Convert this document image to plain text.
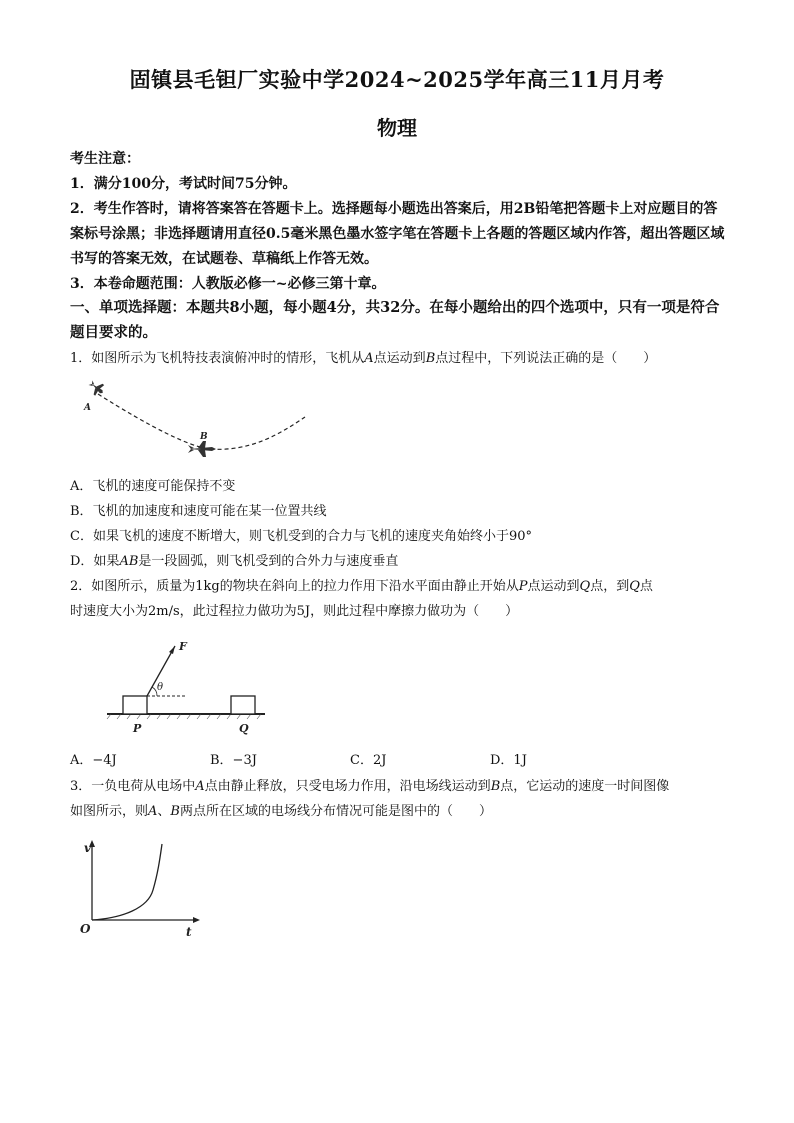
固镇县毛钽厂实验中学2024~2025学年高三11月月考
物理

考生注意：

1．满分100分，考试时间75分钟。

2．考生作答时，请将答案答在答题卡上。选择题每小题选出答案后，用2B铅笔把答题卡上对应题目的答案标号涂黑；非选择题请用直径0.5毫米黑色墨水签字笔在答题卡上各题的答题区域内作答，超出答题区域书写的答案无效，在试题卷、草稿纸上作答无效。

3．本卷命题范围：人教版必修一~必修三第十章。

一、单项选择题：本题共8小题，每小题4分，共32分。在每小题给出的四个选项中，只有一项是符合题目要求的。

1．如图所示为飞机特技表演俯冲时的情形，飞机从A点运动到B点过程中，下列说法正确的是（　　）

A
B

A．飞机的速度可能保持不变

B．飞机的加速度和速度可能在某一位置共线

C．如果飞机的速度不断增大，则飞机受到的合力与飞机的速度夹角始终小于90°

D．如果AB是一段圆弧，则飞机受到的合外力与速度垂直

2．如图所示，质量为1kg的物块在斜向上的拉力作用下沿水平面由静止开始从P点运动到Q点，到Q点

时速度大小为2m/s，此过程拉力做功为5J，则此过程中摩擦力做功为（　　）

F
θ
P	Q
A．−4J	B．−3J	C．2J	D．1J

3．一负电荷从电场中A点由静止释放，只受电场力作用，沿电场线运动到B点，它运动的速度一时间图像

如图所示，则A、B两点所在区域的电场线分布情况可能是图中的（　　）

v
t
O
